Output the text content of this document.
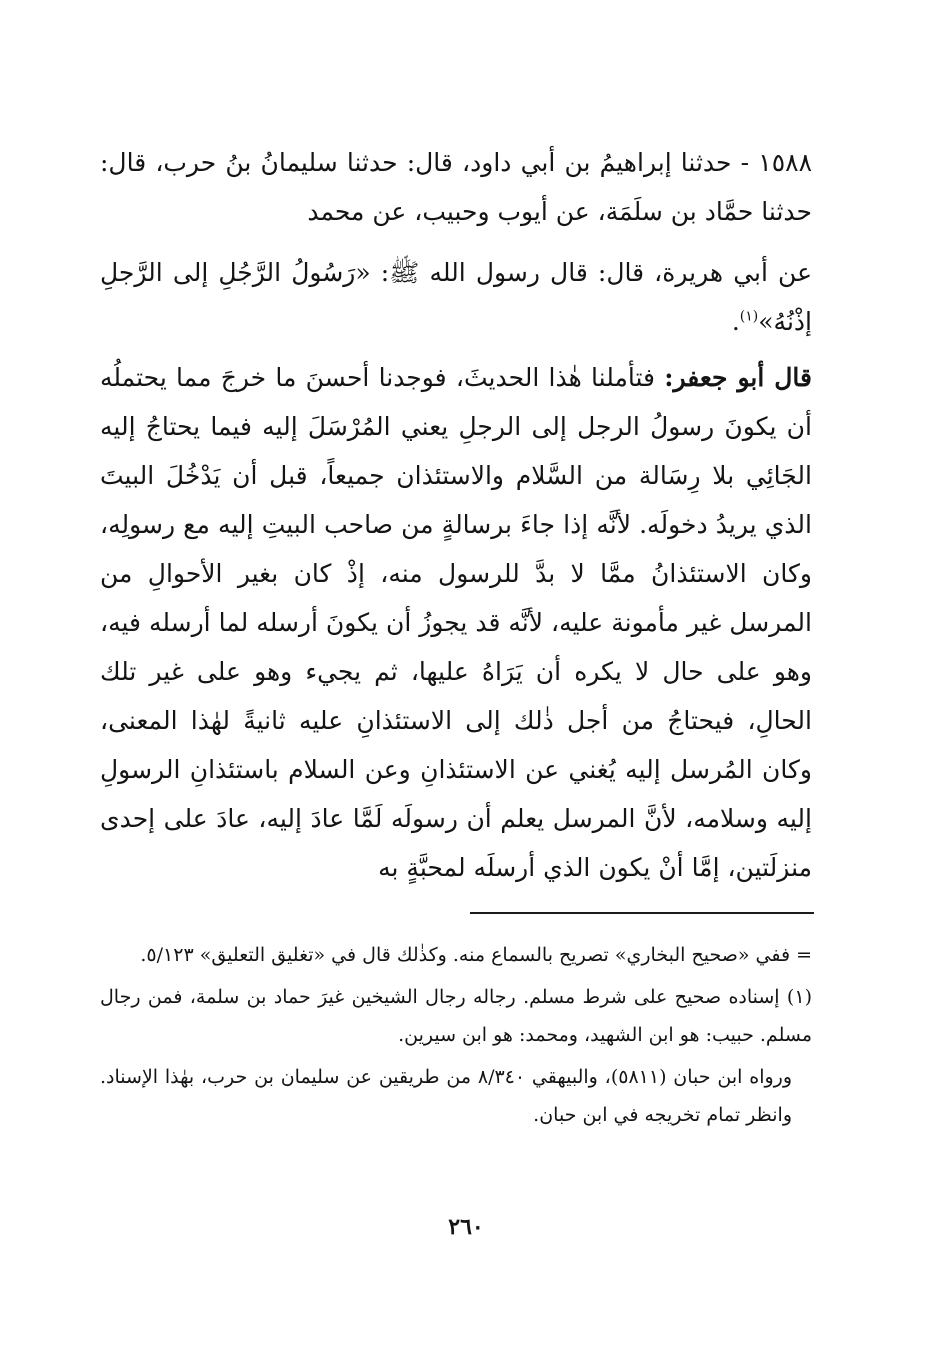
١٥٨٨ - حدثنا إبراهيمُ بن أبي داود، قال: حدثنا سليمانُ بنُ حرب، قال: حدثنا حمَّاد بن سلَمَة، عن أيوب وحبيب، عن محمد

عن أبي هريرة، قال: قال رسول الله ﷺ: «رَسُولُ الرَّجُلِ إلى الرَّجلِ إذْنُهُ»$^{(١)}$.

قال أبو جعفر: فتأملنا هٰذا الحديثَ، فوجدنا أحسنَ ما خرجَ مما يحتملُه أن يكونَ رسولُ الرجل إلى الرجلِ يعني المُرْسَلَ إليه فيما يحتاجُ إليه الجَائِي بلا رِسَالة من السَّلام والاستئذان جميعاً، قبل أن يَدْخُلَ البيتَ الذي يريدُ دخولَه. لأنَّه إذا جاءَ برسالةٍ من صاحب البيتِ إليه مع رسولِه، وكان الاستئذانُ ممَّا لا بدَّ للرسول منه، إذْ كان بغير الأحوالِ من المرسل غير مأمونة عليه، لأنَّه قد يجوزُ أن يكونَ أرسله لما أرسله فيه، وهو على حال لا يكره أن يَرَاهُ عليها، ثم يجيء وهو على غير تلك الحالِ، فيحتاجُ من أجل ذٰلك إلى الاستئذانِ عليه ثانيةً لهٰذا المعنى، وكان المُرسل إليه يُغني عن الاستئذانِ وعن السلام باستئذانِ الرسولِ إليه وسلامه، لأنَّ المرسل يعلم أن رسولَه لَمَّا عادَ إليه، عادَ على إحدى منزلَتين، إمَّا أنْ يكون الذي أرسلَه لمحبَّةٍ به

= ففي «صحيح البخاري» تصريح بالسماع منه. وكذٰلك قال في «تغليق التعليق» ٥/١٢٣.

(١) إسناده صحيح على شرط مسلم. رجاله رجال الشيخين غيرَ حماد بن سلمة، فمن رجال مسلم. حبيب: هو ابن الشهيد، ومحمد: هو ابن سيرين.

ورواه ابن حبان (٥٨١١)، والبيهقي ٨/٣٤٠ من طريقين عن سليمان بن حرب، بهٰذا الإسناد. وانظر تمام تخريجه في ابن حبان.

٢٦٠
